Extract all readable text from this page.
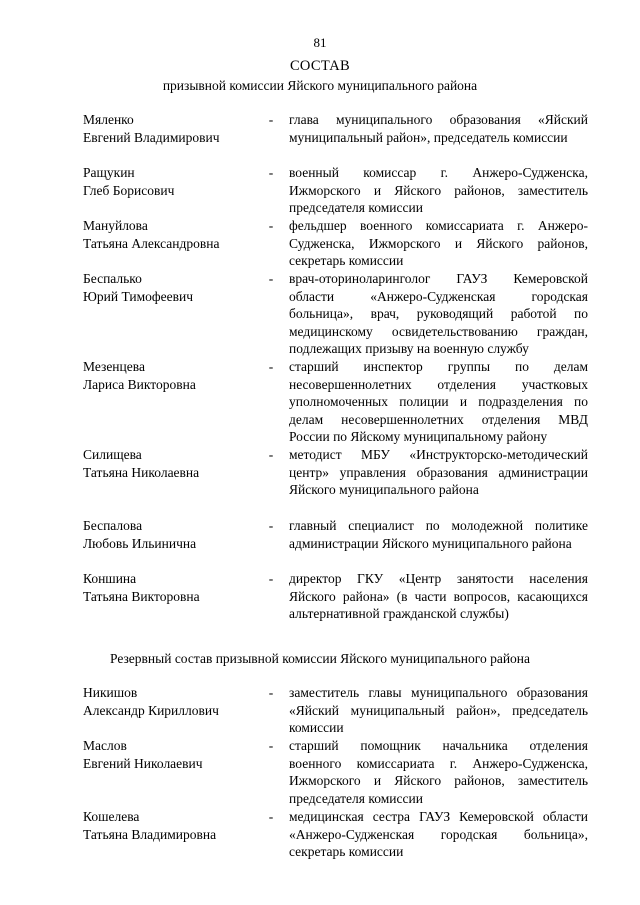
81
СОСТАВ
призывной комиссии Яйского муниципального района
Мяленко
Евгений Владимирович
- глава муниципального образования «Яйский муниципальный район», председатель комиссии
Ращукин
Глеб Борисович
- военный комиссар г. Анжеро-Судженска, Ижморского и Яйского районов, заместитель председателя комиссии
Мануйлова
Татьяна Александровна
- фельдшер военного комиссариата г. Анжеро-Судженска, Ижморского и Яйского районов, секретарь комиссии
Беспалько
Юрий Тимофеевич
- врач-оториноларинголог ГАУЗ Кемеровской области «Анжеро-Судженская городская больница», врач, руководящий работой по медицинскому освидетельствованию граждан, подлежащих призыву на военную службу
Мезенцева
Лариса Викторовна
- старший инспектор группы по делам несовершеннолетних отделения участковых уполномоченных полиции и подразделения по делам несовершеннолетних отделения МВД России по Яйскому муниципальному району
Силищева
Татьяна Николаевна
- методист МБУ «Инструкторско-методический центр» управления образования администрации Яйского муниципального района
Беспалова
Любовь Ильинична
- главный специалист по молодежной политике администрации Яйского муниципального района
Коншина
Татьяна Викторовна
- директор ГКУ «Центр занятости населения Яйского района» (в части вопросов, касающихся альтернативной гражданской службы)
Резервный состав призывной комиссии Яйского муниципального района
Никишов
Александр Кириллович
- заместитель главы муниципального образования «Яйский муниципальный район», председатель комиссии
Маслов
Евгений Николаевич
- старший помощник начальника отделения военного комиссариата г. Анжеро-Судженска, Ижморского и Яйского районов, заместитель председателя комиссии
Кошелева
Татьяна Владимировна
- медицинская сестра ГАУЗ Кемеровской области «Анжеро-Судженская городская больница», секретарь комиссии
